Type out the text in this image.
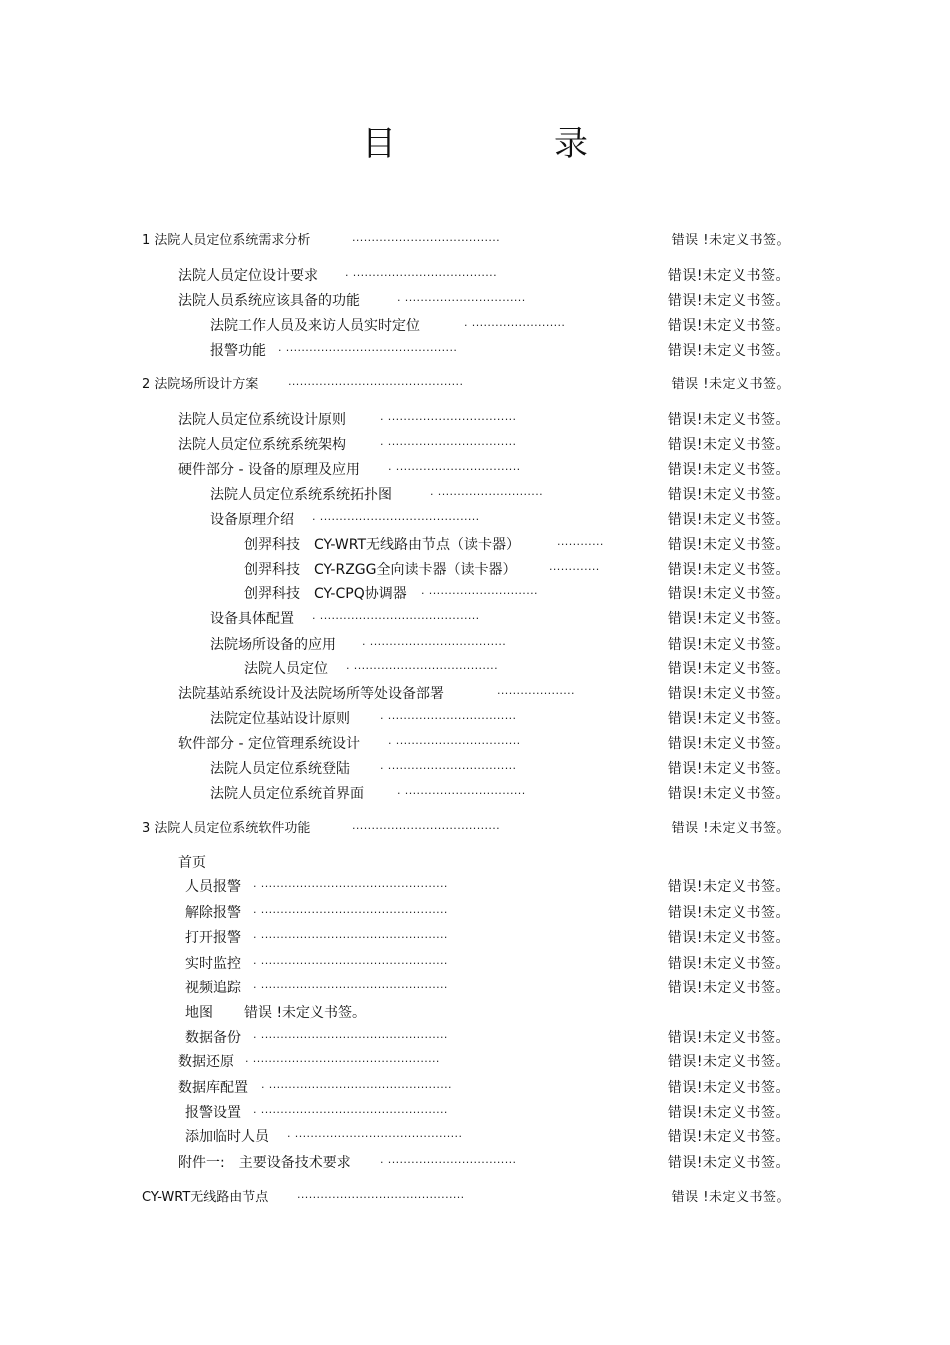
目　录
1 法院人员定位系统需求分析	......................................	错误 !未定义书签。
法院人员定位设计要求 . .....................................	错误!未定义书签。
法院人员系统应该具备的功能	. ...............................	错误!未定义书签。
法院工作人员及来访人员实时定位	. ........................	错误!未定义书签。
报警功能 . ............................................	错误!未定义书签。
2 法院场所设计方案	.............................................	错误 !未定义书签。
法院人员定位系统设计原则	. .................................	错误!未定义书签。
法院人员定位系统系统架构	. .................................	错误!未定义书签。
硬件部分 - 设备的原理及应用	. ................................	错误!未定义书签。
法院人员定位系统系统拓扑图	. ...........................	错误!未定义书签。
设备原理介绍 . .........................................	错误!未定义书签。
创羿科技　CY-WRT无线路由节点（读卡器）	............	错误!未定义书签。
创羿科技　CY-RZGG全向读卡器（读卡器）	.............	错误!未定义书签。
创羿科技　CY-CPQ协调器 . ............................	错误!未定义书签。
设备具体配置 . .........................................	错误!未定义书签。
法院场所设备的应用 . ...................................	错误!未定义书签。
法院人员定位 . .....................................	错误!未定义书签。
法院基站系统设计及法院场所等处设备部署	....................	错误!未定义书签。
法院定位基站设计原则	. .................................	错误!未定义书签。
软件部分 - 定位管理系统设计	. ................................	错误!未定义书签。
法院人员定位系统登陆	. .................................	错误!未定义书签。
法院人员定位系统首界面	. ...............................	错误!未定义书签。
3 法院人员定位系统软件功能	......................................	错误 !未定义书签。
首页
人员报警 . ................................................	错误!未定义书签。
解除报警 . ................................................	错误!未定义书签。
打开报警 . ................................................	错误!未定义书签。
实时监控 . ................................................	错误!未定义书签。
视频追踪 . ................................................	错误!未定义书签。
地图 错误 !未定义书签。
数据备份 . ................................................	错误!未定义书签。
数据还原 . ................................................	错误!未定义书签。
数据库配置 . ...............................................	错误!未定义书签。
报警设置 . ................................................	错误!未定义书签。
添加临时人员 . ...........................................	错误!未定义书签。
附件一:　主要设备技术要求	. .................................	错误!未定义书签。
CY-WRT无线路由节点	...........................................	错误 !未定义书签。
